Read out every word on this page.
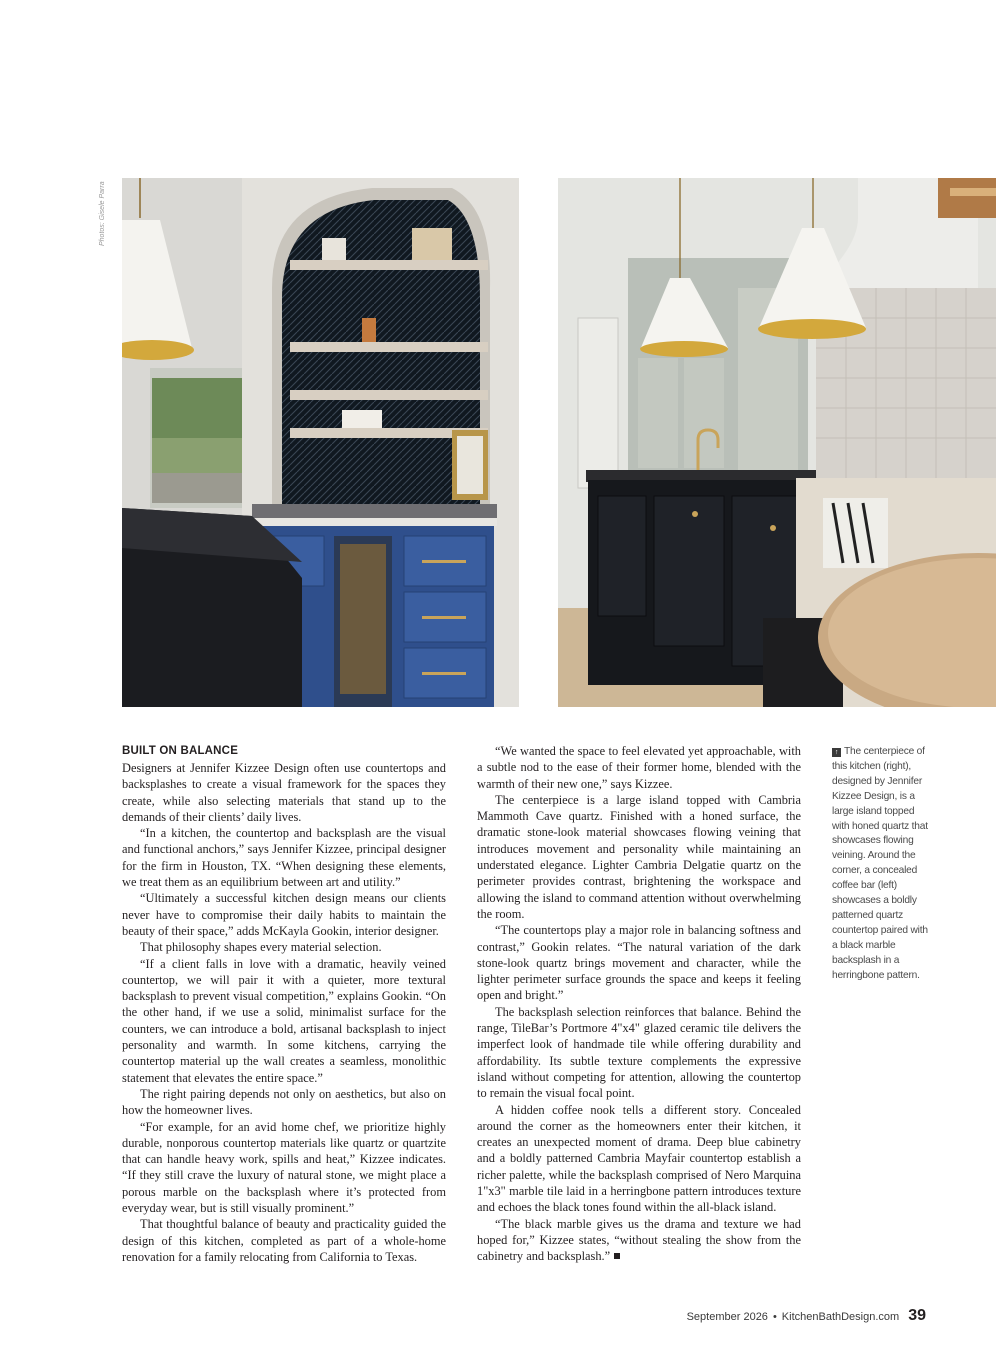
Photos: Gisele Parra
BUILT ON BALANCE

Designers at Jennifer Kizzee Design often use countertops and backsplashes to create a visual framework for the spaces they create, while also selecting materials that stand up to the demands of their clients’ daily lives.

“In a kitchen, the countertop and backsplash are the visual and functional anchors,” says Jennifer Kizzee, principal designer for the firm in Houston, TX. “When designing these elements, we treat them as an equilibrium between art and utility.”

“Ultimately a successful kitchen design means our clients never have to compromise their daily habits to maintain the beauty of their space,” adds McKayla Gookin, interior designer.

That philosophy shapes every material selection.

“If a client falls in love with a dramatic, heavily veined countertop, we will pair it with a quieter, more textural backsplash to prevent visual competition,” explains Gookin. “On the other hand, if we use a solid, minimalist surface for the counters, we can introduce a bold, artisanal backsplash to inject personality and warmth. In some kitchens, carrying the countertop material up the wall creates a seamless, monolithic statement that elevates the entire space.”

The right pairing depends not only on aesthetics, but also on how the homeowner lives.

“For example, for an avid home chef, we prioritize highly durable, nonporous countertop materials like quartz or quartzite that can handle heavy work, spills and heat,” Kizzee indicates. “If they still crave the luxury of natural stone, we might place a porous marble on the backsplash where it’s protected from everyday wear, but is still visually prominent.”

That thoughtful balance of beauty and practicality guided the design of this kitchen, completed as part of a whole-home renovation for a family relocating from California to Texas.

“We wanted the space to feel elevated yet approachable, with a subtle nod to the ease of their former home, blended with the warmth of their new one,” says Kizzee.

The centerpiece is a large island topped with Cambria Mammoth Cave quartz. Finished with a honed surface, the dramatic stone-look material showcases flowing veining that introduces movement and personality while maintaining an understated elegance. Lighter Cambria Delgatie quartz on the perimeter provides contrast, brightening the workspace and allowing the island to command attention without overwhelming the room.

“The countertops play a major role in balancing softness and contrast,” Gookin relates. “The natural variation of the dark stone-look quartz brings movement and character, while the lighter perimeter surface grounds the space and keeps it feeling open and bright.”

The backsplash selection reinforces that balance. Behind the range, TileBar’s Portmore 4"x4" glazed ceramic tile delivers the imperfect look of handmade tile while offering durability and affordability. Its subtle texture complements the expressive island without competing for attention, allowing the countertop to remain the visual focal point.

A hidden coffee nook tells a different story. Concealed around the corner as the homeowners enter their kitchen, it creates an unexpected moment of drama. Deep blue cabinetry and a boldly patterned Cambria Mayfair countertop establish a richer palette, while the backsplash comprised of Nero Marquina 1"x3" marble tile laid in a herringbone pattern introduces texture and echoes the black tones found within the all-black island.

“The black marble gives us the drama and texture we had hoped for,” Kizzee states, “without stealing the show from the cabinetry and backsplash.”

↑ The centerpiece of this kitchen (right), designed by Jennifer Kizzee Design, is a large island topped with honed quartz that showcases flowing veining. Around the corner, a concealed coffee bar (left) showcases a boldly patterned quartz countertop paired with a black marble backsplash in a herringbone pattern.
September 2026 • KitchenBathDesign.com 39
